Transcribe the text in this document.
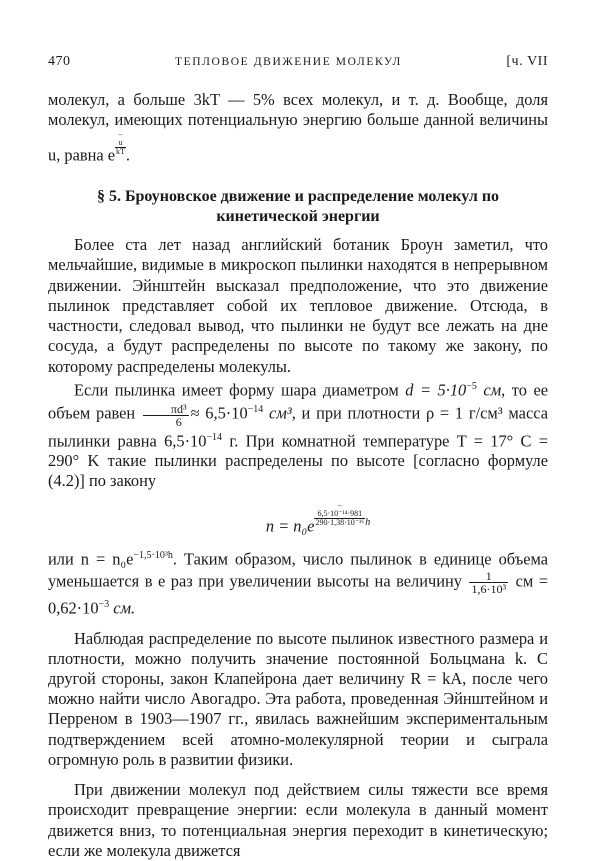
470	ТЕПЛОВОЕ ДВИЖЕНИЕ МОЛЕКУЛ	[ч. VII

молекул, а больше 3kT — 5% всех молекул, и т. д. Вообще, доля молекул, имеющих потенциальную энергию больше данной величины u, равна e−
u
kT .

§ 5. Броуновское движение и распределение молекул по кинетической энергии

Более ста лет назад английский ботаник Броун заметил, что мельчайшие, видимые в микроскоп пылинки находятся в непрерывном движении. Эйнштейн высказал предположение, что это движение пылинок представляет собой их тепловое движение. Отсюда, в частности, следовал вывод, что пылинки не будут все лежать на дне сосуда, а будут распределены по высоте по такому же закону, по которому распределены молекулы.

Если пылинка имеет форму шара диаметром $d = 5\cdot 10^{-5}$ см, то ее объем равен $\frac{\text{πd³}}{6} \approx 6,5\cdot 10^{-14}$ см³, и при плотности ρ = 1 г/см³ масса пылинки равна $6,5\cdot 10^{-14}$ г. При комнатной температуре T = 17° C = 290° K такие пылинки распределены по высоте [согласно формуле (4.2)] по закону

n = n₀e−
6,5·10⁻¹⁴·981
290·1,38·10⁻¹⁶ $^h$

или $n = n_0e^{-1,5\cdot 10^3h}$. Таким образом, число пылинок в единице объема уменьшается в e раз при увеличении высоты на величину $\frac{1}{\text{1,6·10³}}$ см = $0,62\cdot 10^{-3}$ см.

Наблюдая распределение по высоте пылинок известного размера и плотности, можно получить значение постоянной Больцмана k. С другой стороны, закон Клапейрона дает величину R = kA, после чего можно найти число Авогадро. Эта работа, проведенная Эйнштейном и Перреном в 1903—1907 гг., явилась важнейшим экспериментальным подтверждением всей атомно-молекулярной теории и сыграла огромную роль в развитии физики.

При движении молекул под действием силы тяжести все время происходит превращение энергии: если молекула в данный момент движется вниз, то потенциальная энергия переходит в кинетическую; если же молекула движется
